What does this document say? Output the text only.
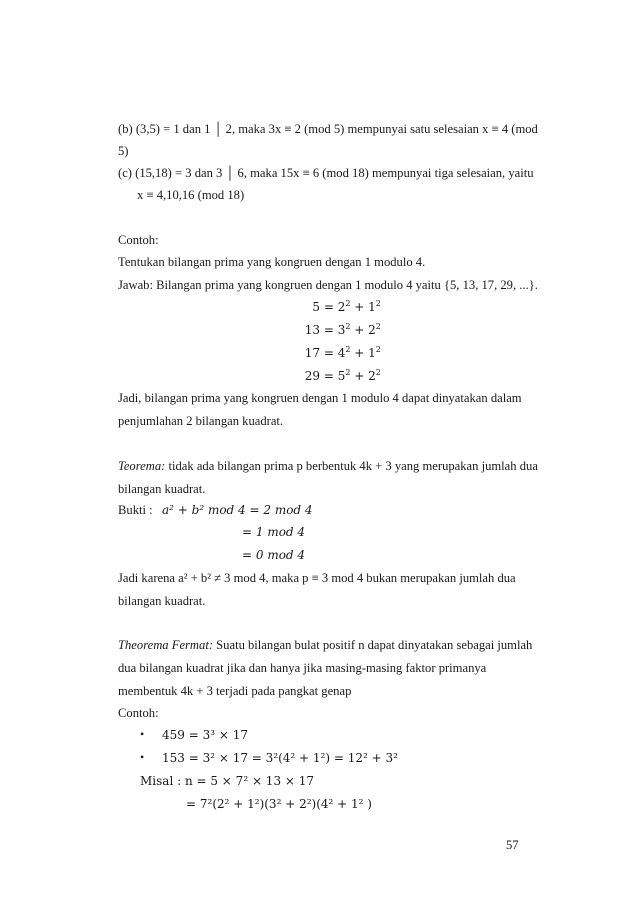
(b) (3,5) = 1 dan 1 │ 2, maka 3x ≡ 2 (mod 5) mempunyai satu selesaian x ≡ 4 (mod
5)
(c) (15,18) = 3 dan 3 │ 6, maka 15x ≡ 6 (mod 18) mempunyai tiga selesaian, yaitu
x ≡ 4,10,16 (mod 18)
Contoh:
Tentukan bilangan prima yang kongruen dengan 1 modulo 4.
Jawab: Bilangan prima yang kongruen dengan 1 modulo 4 yaitu {5, 13, 17, 29, ...}.
$5 = 2^2 + 1^2$
$13 = 3^2 + 2^2$
$17 = 4^2 + 1^2$
$29 = 5^2 + 2^2$
Jadi, bilangan prima yang kongruen dengan 1 modulo 4 dapat dinyatakan dalam
penjumlahan 2 bilangan kuadrat.
Teorema: tidak ada bilangan prima p berbentuk 4k + 3 yang merupakan jumlah dua
bilangan kuadrat.
Bukti : a² + b² mod 4 = 2 mod 4
= 1 mod 4
= 0 mod 4
Jadi karena a² + b² ≠ 3 mod 4, maka p ≡ 3 mod 4 bukan merupakan jumlah dua
bilangan kuadrat.
Theorema Fermat: Suatu bilangan bulat positif n dapat dinyatakan sebagai jumlah
dua bilangan kuadrat jika dan hanya jika masing-masing faktor primanya
membentuk 4k + 3 terjadi pada pangkat genap
Contoh:
• 459 = 3³ × 17
• 153 = 3² × 17 = 3²(4² + 1²) = 12² + 3²
Misal : n = 5 × 7² × 13 × 17
= 7²(2² + 1²)(3² + 2²)(4² + 1² )
57
